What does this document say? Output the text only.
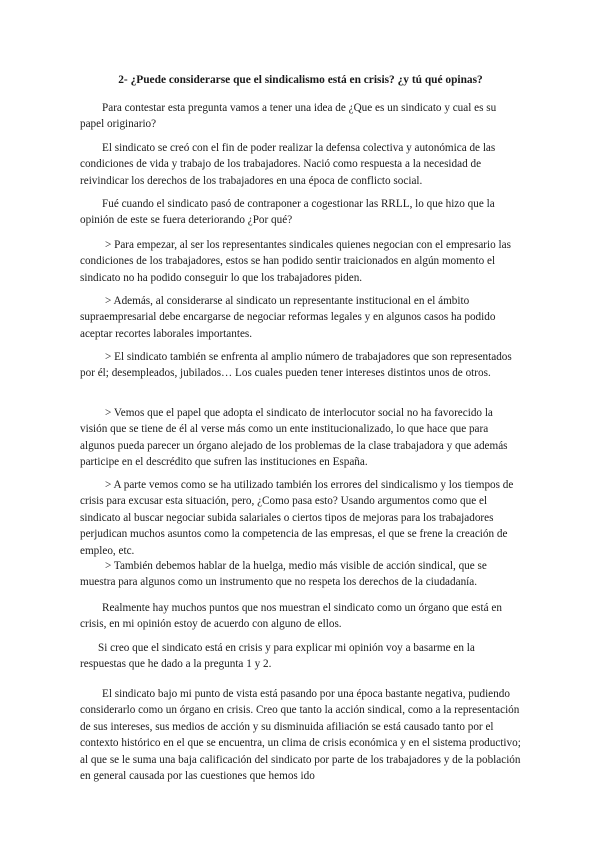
2- ¿Puede considerarse que el sindicalismo está en crisis? ¿y tú qué opinas?

Para contestar esta pregunta vamos a tener una idea de ¿Que es un sindicato y cual es su papel originario?

El sindicato se creó con el fin de poder realizar la defensa colectiva y autonómica de las condiciones de vida y trabajo de los trabajadores. Nació como respuesta a la necesidad de reivindicar los derechos de los trabajadores en una época de conflicto social.

Fué cuando el sindicato pasó de contraponer a cogestionar las RRLL, lo que hizo que la opinión de este se fuera deteriorando ¿Por qué?

> Para empezar, al ser los representantes sindicales quienes negocian con el empresario las condiciones de los trabajadores, estos se han podido sentir traicionados en algún momento el sindicato no ha podido conseguir lo que los trabajadores piden.

> Además, al considerarse al sindicato un representante institucional en el ámbito supraempresarial debe encargarse de negociar reformas legales y en algunos casos ha podido aceptar recortes laborales importantes.

> El sindicato también se enfrenta al amplio número de trabajadores que son representados por él; desempleados, jubilados… Los cuales pueden tener intereses distintos unos de otros.

> Vemos que el papel que adopta el sindicato de interlocutor social no ha favorecido la visión que se tiene de él al verse más como un ente institucionalizado, lo que hace que para algunos pueda parecer un órgano alejado de los problemas de la clase trabajadora y que además participe en el descrédito que sufren las instituciones en España.

> A parte vemos como se ha utilizado también los errores del sindicalismo y los tiempos de crisis para excusar esta situación, pero, ¿Como pasa esto? Usando argumentos como que el sindicato al buscar negociar subida salariales o ciertos tipos de mejoras para los trabajadores perjudican muchos asuntos como la competencia de las empresas, el que se frene la creación de empleo, etc.

> También debemos hablar de la huelga, medio más visible de acción sindical, que se muestra para algunos como un instrumento que no respeta los derechos de la ciudadanía.

Realmente hay muchos puntos que nos muestran el sindicato como un órgano que está en crisis, en mi opinión estoy de acuerdo con alguno de ellos.

Si creo que el sindicato está en crisis y para explicar mi opinión voy a basarme en la respuestas que he dado a la pregunta 1 y 2.

El sindicato bajo mi punto de vista está pasando por una época bastante negativa, pudiendo considerarlo como un órgano en crisis. Creo que tanto la acción sindical, como a la representación de sus intereses, sus medios de acción y su disminuida afiliación se está causado tanto por el contexto histórico en el que se encuentra, un clima de crisis económica y en el sistema productivo; al que se le suma una baja calificación del sindicato por parte de los trabajadores y de la población en general causada por las cuestiones que hemos ido
